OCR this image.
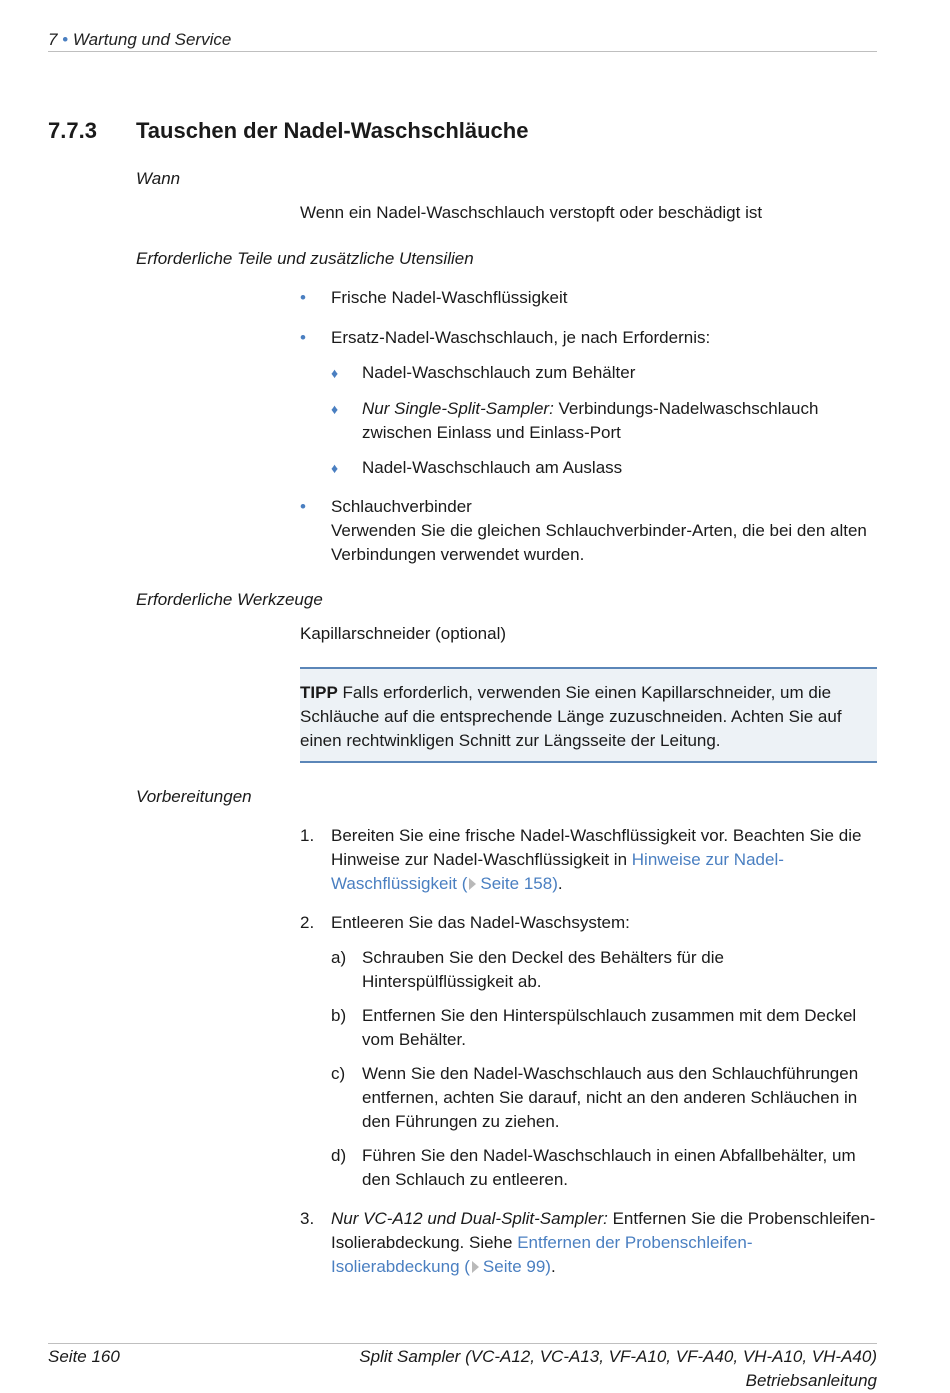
7 • Wartung und Service
7.7.3 Tauschen der Nadel-Waschschläuche
Wann
Wenn ein Nadel-Waschschlauch verstopft oder beschädigt ist
Erforderliche Teile und zusätzliche Utensilien
• Frische Nadel-Waschflüssigkeit
• Ersatz-Nadel-Waschschlauch, je nach Erfordernis:
♦ Nadel-Waschschlauch zum Behälter
♦ Nur Single-Split-Sampler: Verbindungs-Nadelwaschschlauch zwischen Einlass und Einlass-Port
♦ Nadel-Waschschlauch am Auslass
• Schlauchverbinder
Verwenden Sie die gleichen Schlauchverbinder-Arten, die bei den alten Verbindungen verwendet wurden.
Erforderliche Werkzeuge
Kapillarschneider (optional)
TIPP Falls erforderlich, verwenden Sie einen Kapillarschneider, um die Schläuche auf die entsprechende Länge zuzuschneiden. Achten Sie auf einen rechtwinkligen Schnitt zur Längsseite der Leitung.
Vorbereitungen
1. Bereiten Sie eine frische Nadel-Waschflüssigkeit vor. Beachten Sie die Hinweise zur Nadel-Waschflüssigkeit in Hinweise zur Nadel-Waschflüssigkeit ( Seite 158).
2. Entleeren Sie das Nadel-Waschsystem:
a) Schrauben Sie den Deckel des Behälters für die Hinterspülflüssigkeit ab.
b) Entfernen Sie den Hinterspülschlauch zusammen mit dem Deckel vom Behälter.
c) Wenn Sie den Nadel-Waschschlauch aus den Schlauchführungen entfernen, achten Sie darauf, nicht an den anderen Schläuchen in den Führungen zu ziehen.
d) Führen Sie den Nadel-Waschschlauch in einen Abfallbehälter, um den Schlauch zu entleeren.
3. Nur VC-A12 und Dual-Split-Sampler: Entfernen Sie die Probenschleifen-Isolierabdeckung. Siehe Entfernen der Probenschleifen-Isolierabdeckung ( Seite 99).
Seite 160	Split Sampler (VC-A12, VC-A13, VF-A10, VF-A40, VH-A10, VH-A40)
Betriebsanleitung
